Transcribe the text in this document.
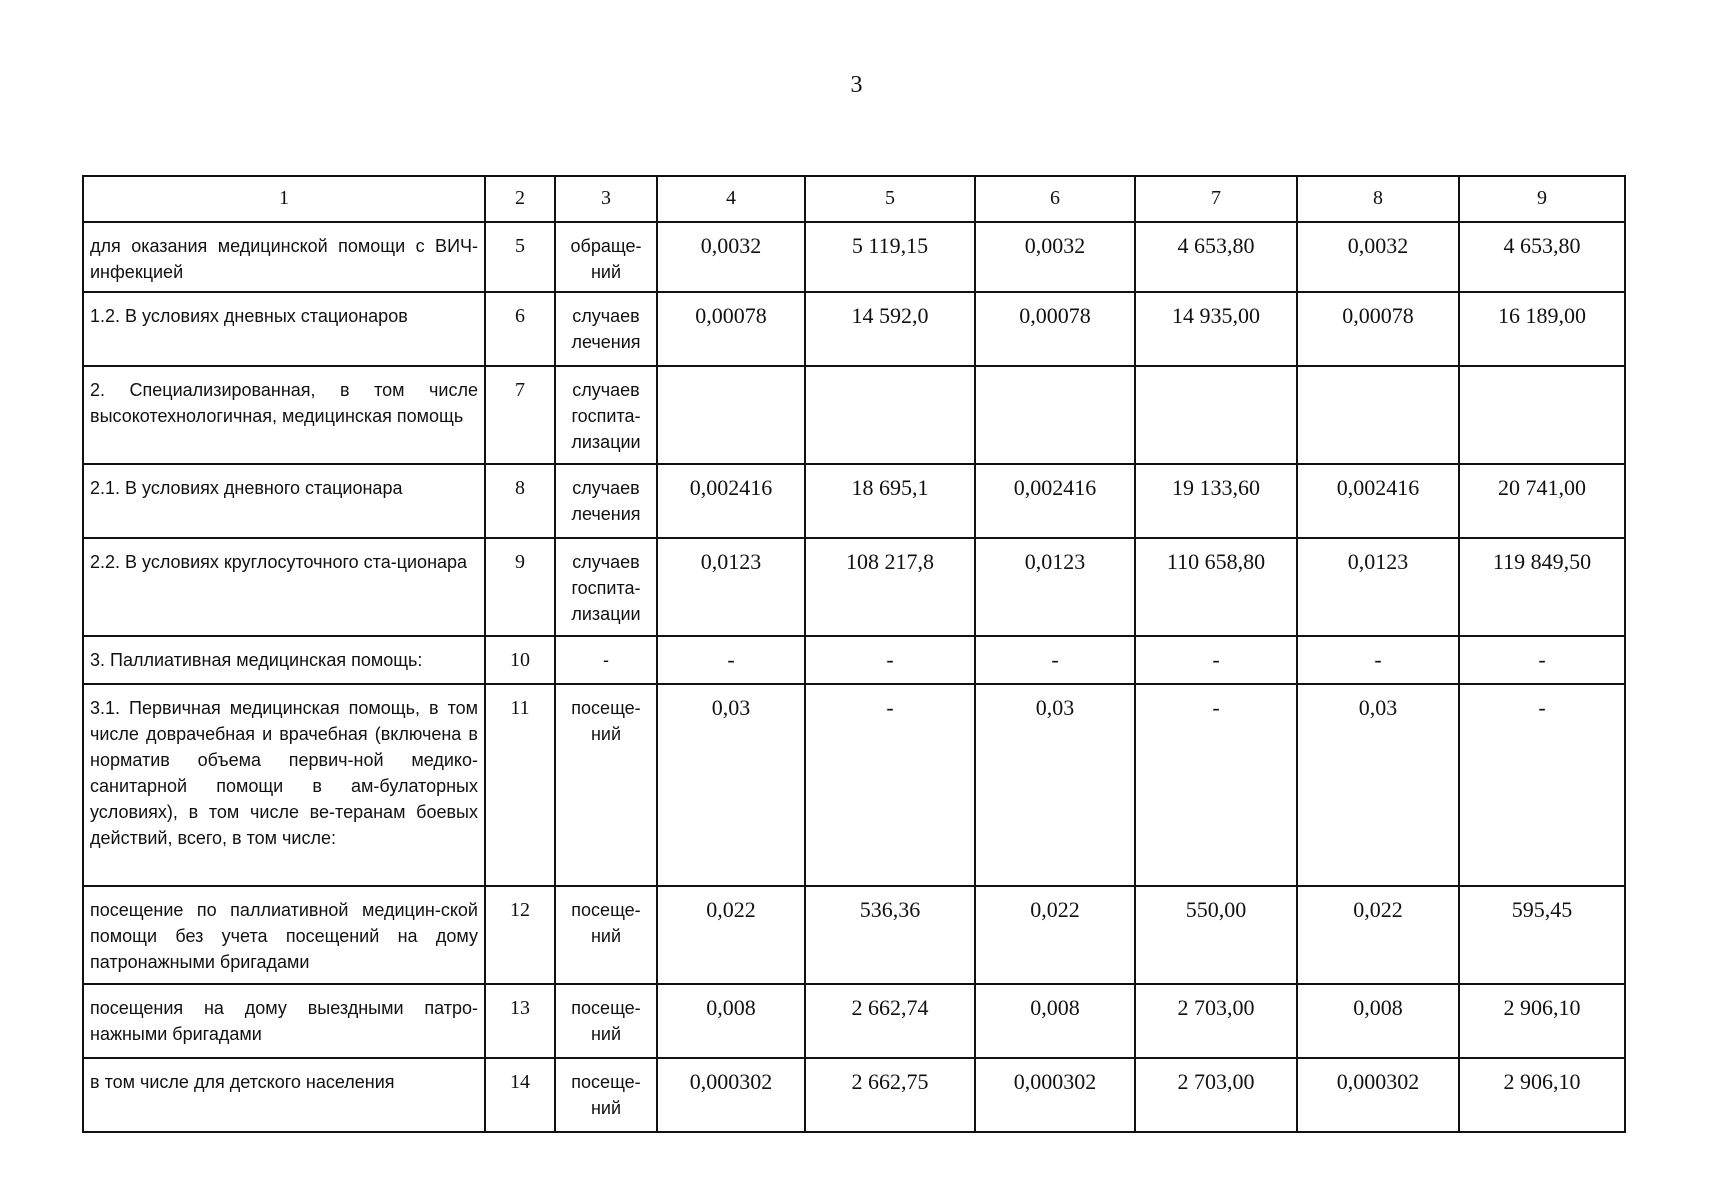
3
1	2	3	4	5	6	7	8	9
для оказания медицинской помощи с ВИЧ-инфекцией	5	обраще-ний	0,0032	5 119,15	0,0032	4 653,80	0,0032	4 653,80
1.2. В условиях дневных стационаров	6	случаев лечения	0,00078	14 592,0	0,00078	14 935,00	0,00078	16 189,00
2. Специализированная, в том числе высокотехнологичная, медицинская помощь	7	случаев госпита-лизации						
2.1. В условиях дневного стационара	8	случаев лечения	0,002416	18 695,1	0,002416	19 133,60	0,002416	20 741,00
2.2. В условиях круглосуточного ста-ционара	9	случаев госпита-лизации	0,0123	108 217,8	0,0123	110 658,80	0,0123	119 849,50
3. Паллиативная медицинская помощь:	10	-	-	-	-	-	-	-
3.1. Первичная медицинская помощь, в том числе доврачебная и врачебная (включена в норматив объема первич-ной медико-санитарной помощи в ам-булаторных условиях), в том числе ве-теранам боевых действий, всего, в том числе:	11	посеще-ний	0,03	-	0,03	-	0,03	-
посещение по паллиативной медицин-ской помощи без учета посещений на дому патронажными бригадами	12	посеще-ний	0,022	536,36	0,022	550,00	0,022	595,45
посещения на дому выездными патро-нажными бригадами	13	посеще-ний	0,008	2 662,74	0,008	2 703,00	0,008	2 906,10
в том числе для детского населения	14	посеще-ний	0,000302	2 662,75	0,000302	2 703,00	0,000302	2 906,10
